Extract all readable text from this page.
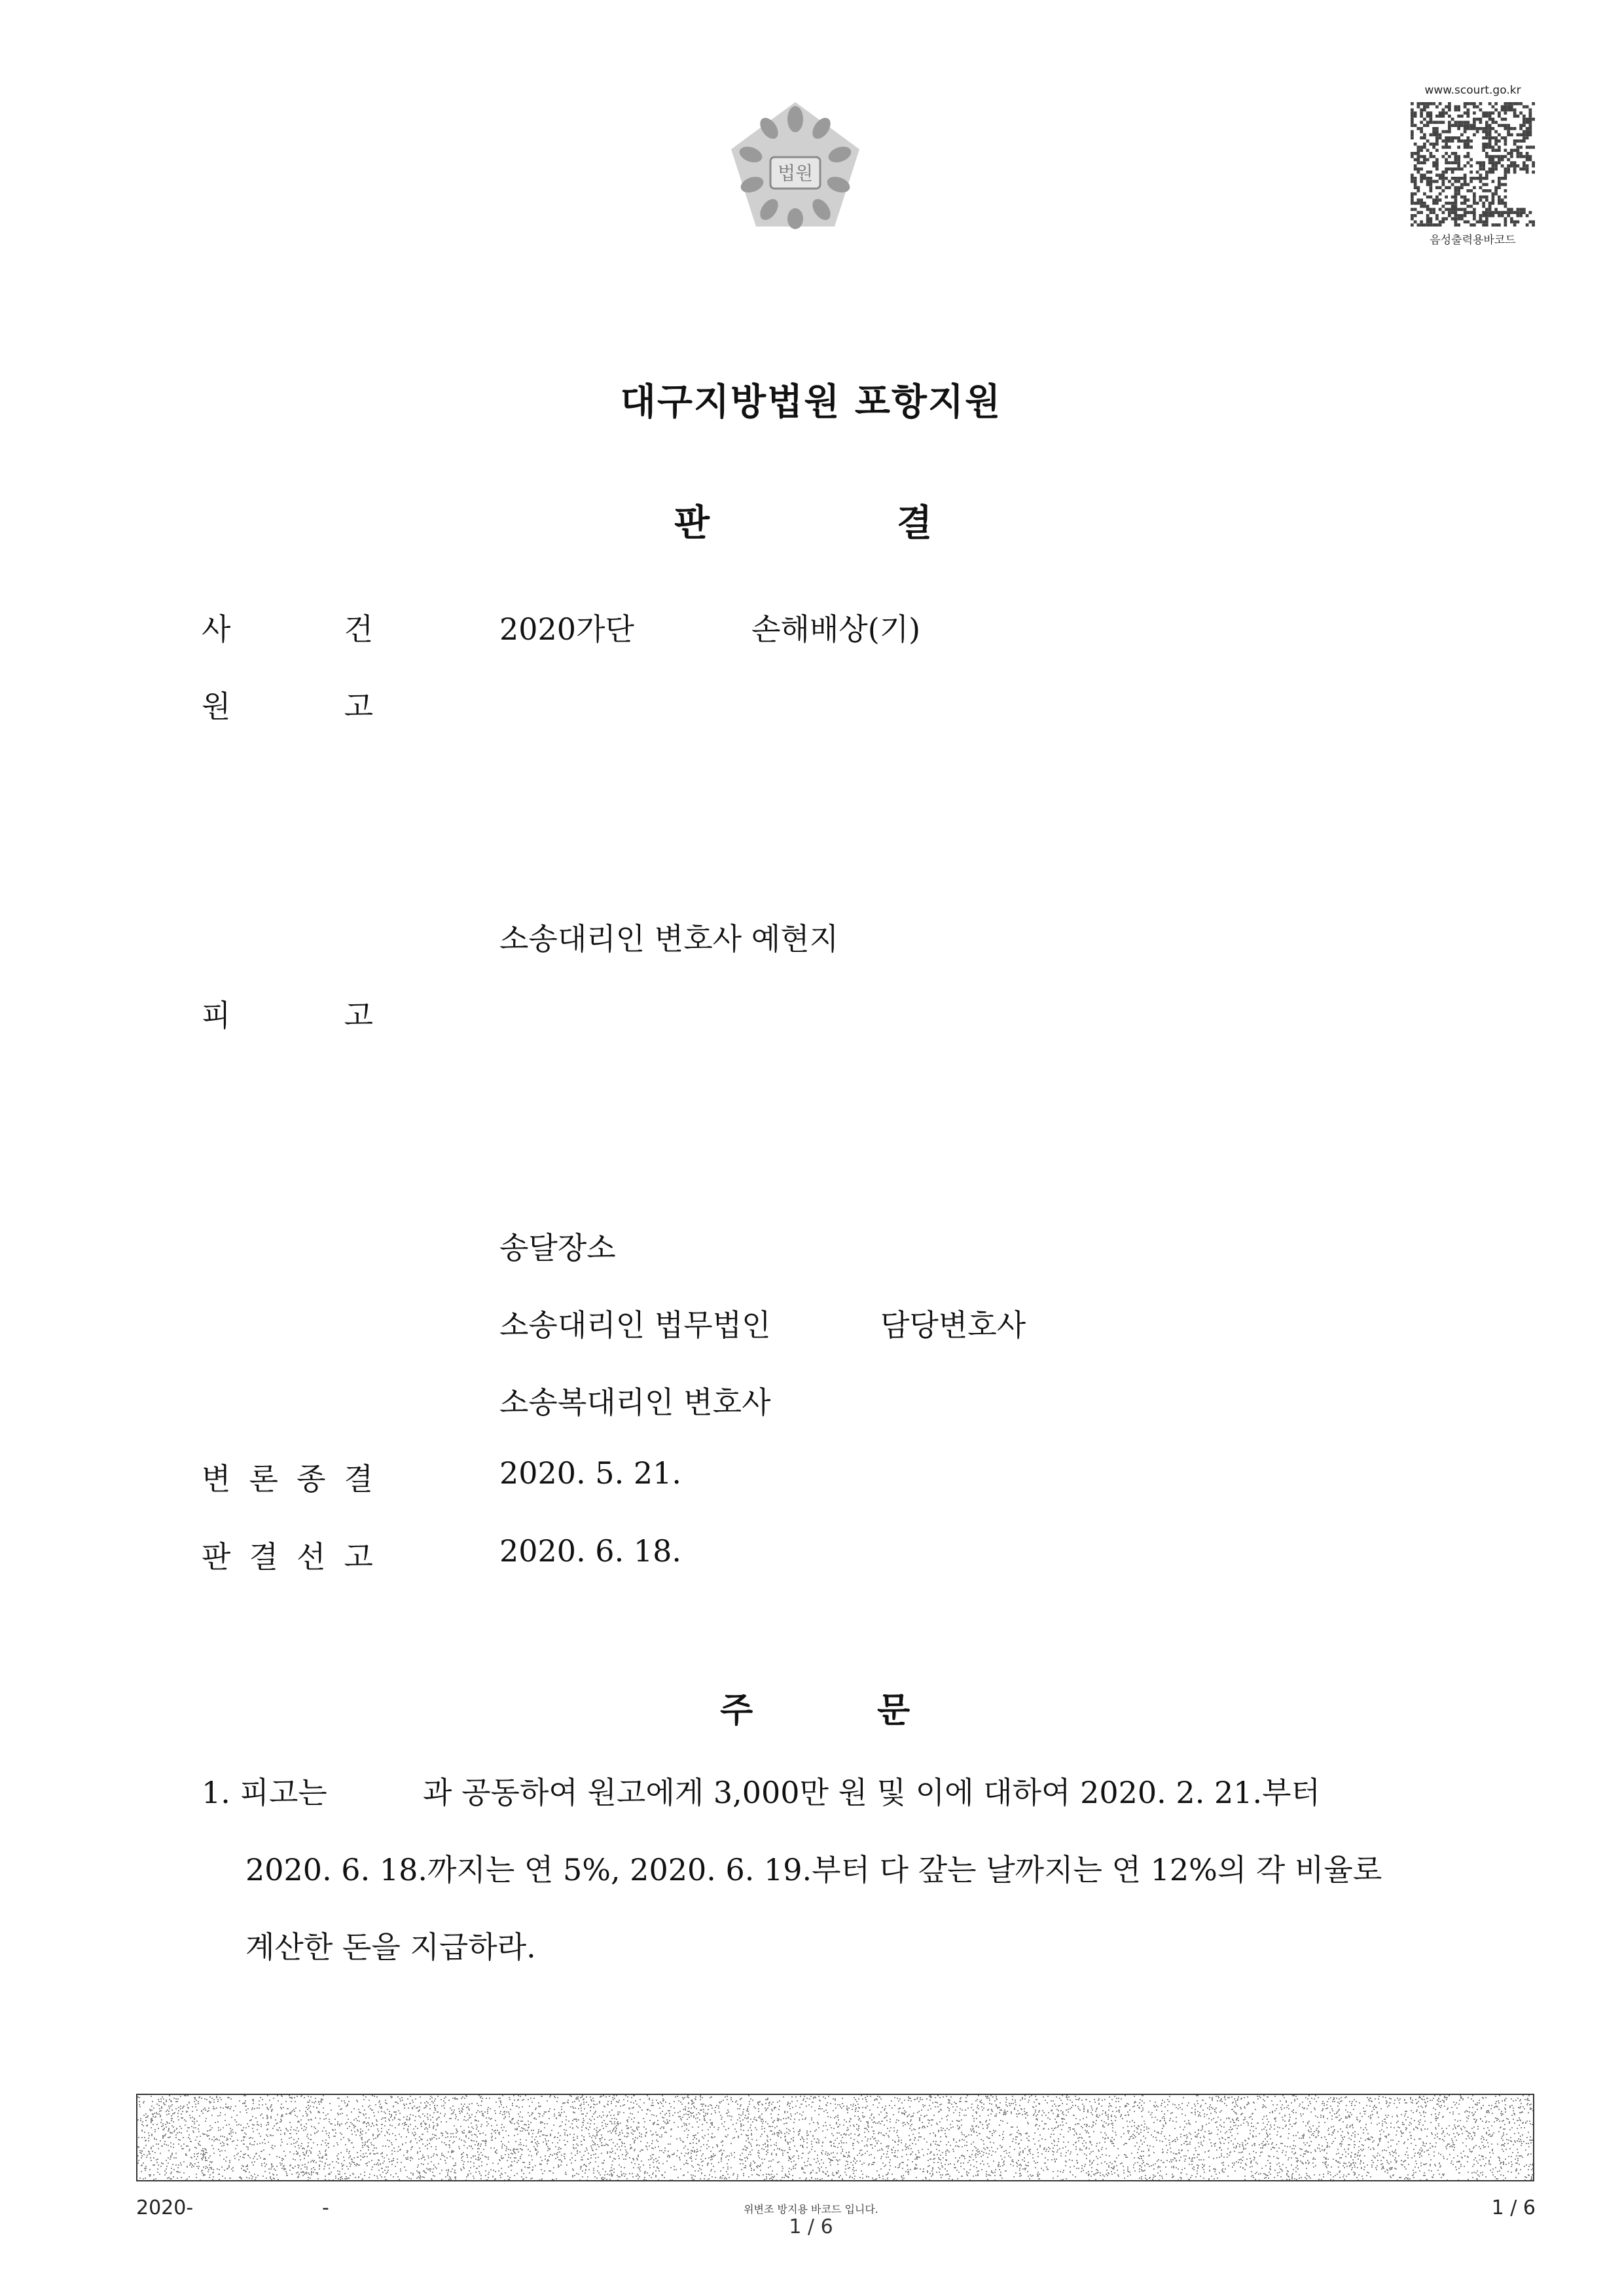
법원
www.scourt.go.kr
음성출력용바코드
대구지방법원 포항지원
판	결
사	건	2020가단	손해배상(기)
원	고
소송대리인 변호사 예현지
피	고
송달장소
소송대리인 법무법인	담당변호사
소송복대리인 변호사
변 론 종 결	2020. 5. 21.
판 결 선 고	2020. 6. 18.
주	문
1. 피고는          과 공동하여 원고에게 3,000만 원 및 이에 대하여 2020. 2. 21.부터
2020. 6. 18.까지는 연 5%, 2020. 6. 19.부터 다 갚는 날까지는 연 12%의 각 비율로
계산한 돈을 지급하라.
2020-	-	위변조 방지용 바코드 입니다.
1 / 6
1 / 6
